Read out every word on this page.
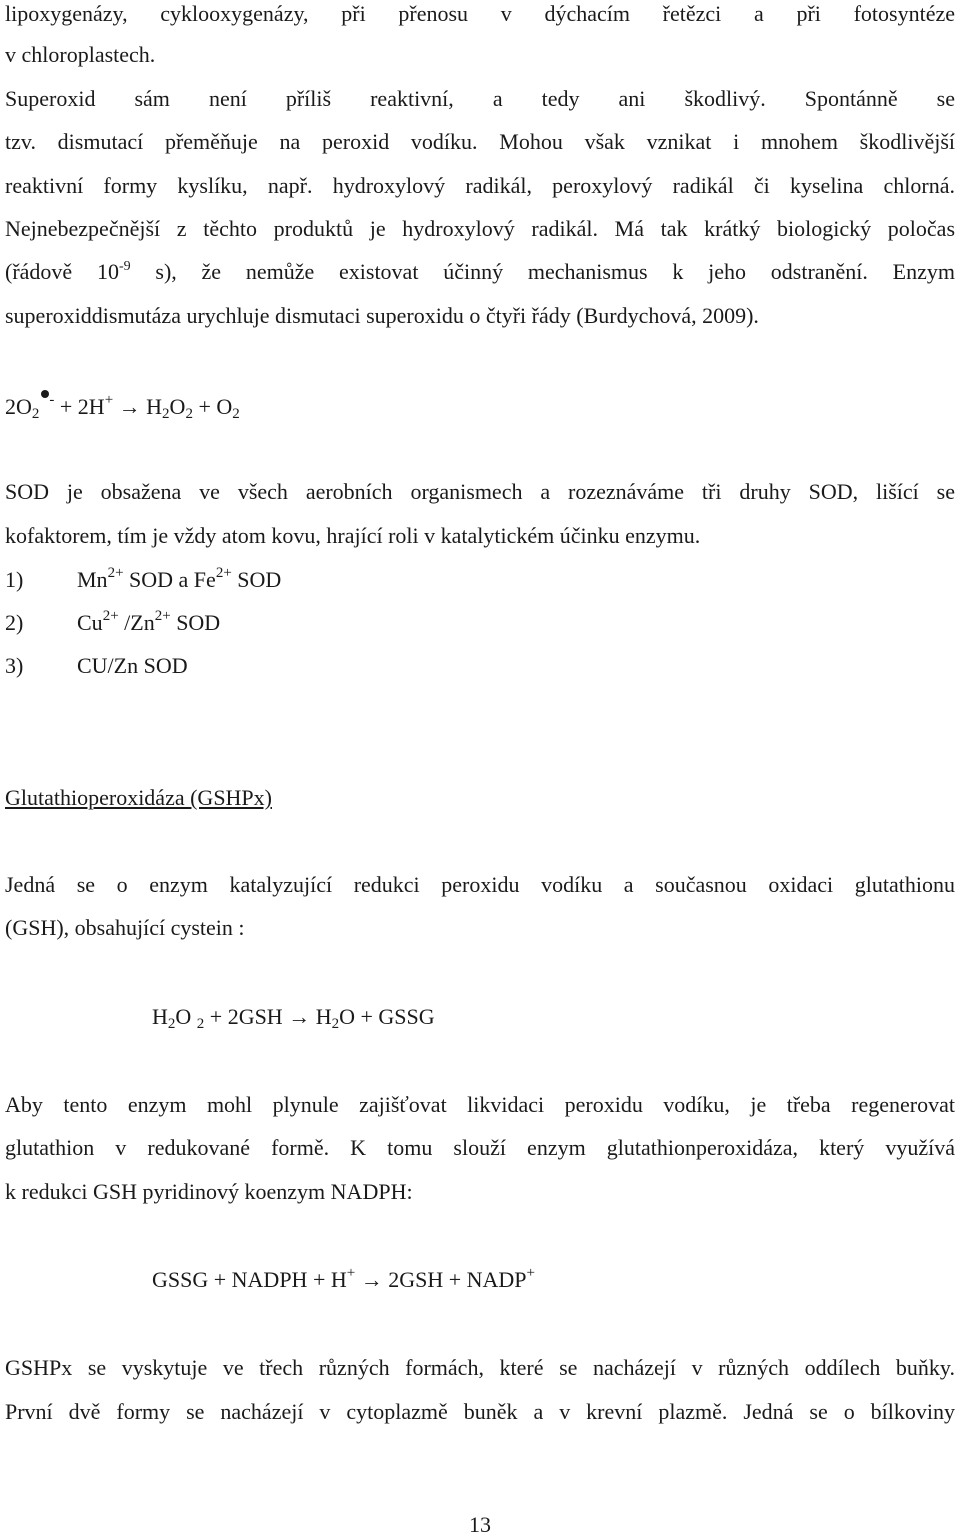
lipoxygenázy, cyklooxygenázy, při přenosu v dýchacím řetězci a při fotosyntéze
v chloroplastech.
Superoxid sám není příliš reaktivní, a tedy ani škodlivý. Spontánně se
tzv. dismutací přeměňuje na peroxid vodíku. Mohou však vznikat i mnohem škodlivější
reaktivní formy kyslíku, např. hydroxylový radikál, peroxylový radikál či kyselina chlorná.
Nejnebezpečnější z těchto produktů je hydroxylový radikál. Má tak krátký biologický poločas
(řádově $10^{-9}$ s), že nemůže existovat účinný mechanismus k jeho odstranění. Enzym
superoxiddismutáza urychluje dismutaci superoxidu o čtyři řády (Burdychová, 2009).
$2O_2^- + 2H^+ \to H_2O_2 + O_2$
SOD je obsažena ve všech aerobních organismech a rozeznáváme tři druhy SOD, lišící se
kofaktorem, tím je vždy atom kovu, hrající roli v katalytickém účinku enzymu.
1) $Mn^{2+}$ SOD a $Fe^{2+}$ SOD
2) $Cu^{2+}$ $/Zn^{2+}$ SOD
3) CU/Zn SOD
Glutathioperoxidáza (GSHPx)
Jedná se o enzym katalyzující redukci peroxidu vodíku a současnou oxidaci glutathionu
(GSH), obsahující cystein :
$H_2O$ $_2 + 2GSH \to H_2O$ + GSSG
Aby tento enzym mohl plynule zajišťovat likvidaci peroxidu vodíku, je třeba regenerovat
glutathion v redukované formě. K tomu slouží enzym glutathionperoxidáza, který využívá
k redukci GSH pyridinový koenzym NADPH:
GSSG + NADPH + H+ → 2GSH + NADP+
GSHPx se vyskytuje ve třech různých formách, které se nacházejí v různých oddílech buňky.
První dvě formy se nacházejí v cytoplazmě buněk a v krevní plazmě. Jedná se o bílkoviny
13
